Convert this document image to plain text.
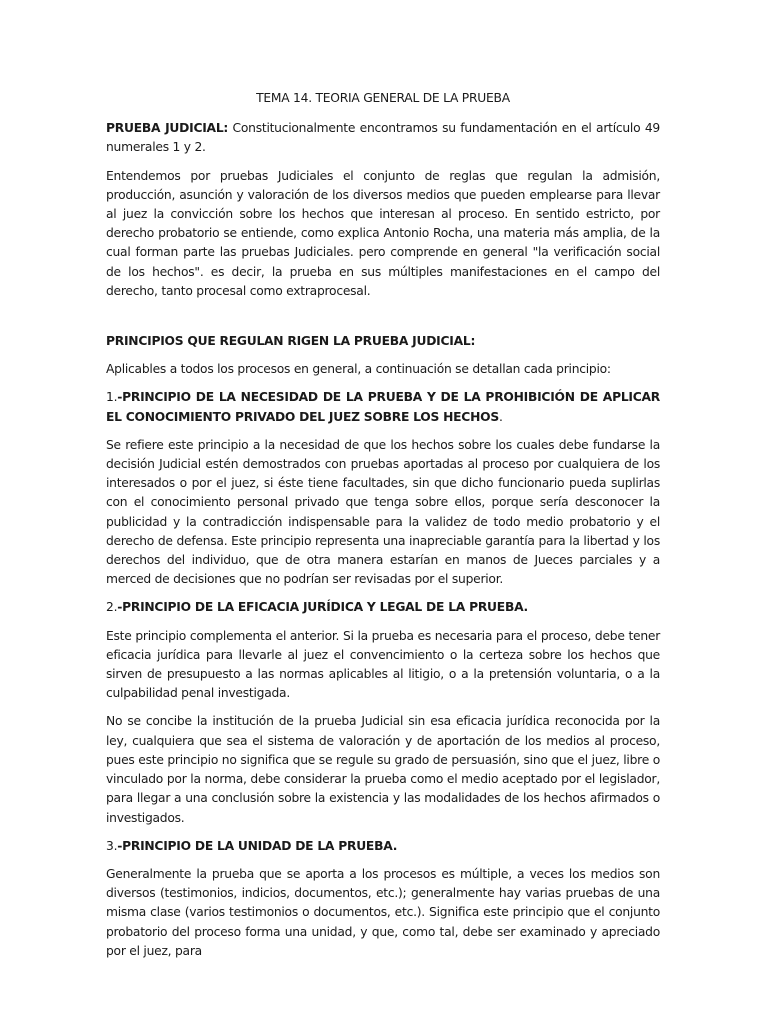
TEMA 14. TEORIA GENERAL DE LA PRUEBA

PRUEBA JUDICIAL: Constitucionalmente encontramos su fundamentación en el artículo 49 numerales 1 y 2.

Entendemos por pruebas Judiciales el conjunto de reglas que regulan la admisión, producción, asunción y valoración de los diversos medios que pueden emplearse para llevar al juez la convicción sobre los hechos que interesan al proceso. En sentido estricto, por derecho probatorio se entiende, como explica Antonio Rocha, una materia más amplia, de la cual forman parte las pruebas Judiciales. pero comprende en general "la verificación social de los hechos". es decir, la prueba en sus múltiples manifestaciones en el campo del derecho, tanto procesal como extraprocesal.

PRINCIPIOS QUE REGULAN RIGEN LA PRUEBA JUDICIAL:

Aplicables a todos los procesos en general, a continuación se detallan cada principio:

1.-PRINCIPIO DE LA NECESIDAD DE LA PRUEBA Y DE LA PROHIBICIÓN DE APLICAR EL CONOCIMIENTO PRIVADO DEL JUEZ SOBRE LOS HECHOS.

Se refiere este principio a la necesidad de que los hechos sobre los cuales debe fundarse la decisión Judicial estén demostrados con pruebas aportadas al proceso por cualquiera de los interesados o por el juez, si éste tiene facultades, sin que dicho funcionario pueda suplirlas con el conocimiento personal privado que tenga sobre ellos, porque sería desconocer la publicidad y la contradicción indispensable para la validez de todo medio probatorio y el derecho de defensa. Este principio representa una inapreciable garantía para la libertad y los derechos del individuo, que de otra manera estarían en manos de Jueces parciales y a merced de decisiones que no podrían ser revisadas por el superior.

2.-PRINCIPIO DE LA EFICACIA JURÍDICA Y LEGAL DE LA PRUEBA.

Este principio complementa el anterior. Si la prueba es necesaria para el proceso, debe tener eficacia jurídica para llevarle al juez el convencimiento o la certeza sobre los hechos que sirven de presupuesto a las normas aplicables al litigio, o a la pretensión voluntaria, o a la culpabilidad penal investigada.

No se concibe la institución de la prueba Judicial sin esa eficacia jurídica reconocida por la ley, cualquiera que sea el sistema de valoración y de aportación de los medios al proceso, pues este principio no significa que se regule su grado de persuasión, sino que el juez, libre o vinculado por la norma, debe considerar la prueba como el medio aceptado por el legislador, para llegar a una conclusión sobre la existencia y las modalidades de los hechos afirmados o investigados.

3.-PRINCIPIO DE LA UNIDAD DE LA PRUEBA.

Generalmente la prueba que se aporta a los procesos es múltiple, a veces los medios son diversos (testimonios, indicios, documentos, etc.); generalmente hay varias pruebas de una misma clase (varios testimonios o documentos, etc.). Significa este principio que el conjunto probatorio del proceso forma una unidad, y que, como tal, debe ser examinado y apreciado por el juez, para
